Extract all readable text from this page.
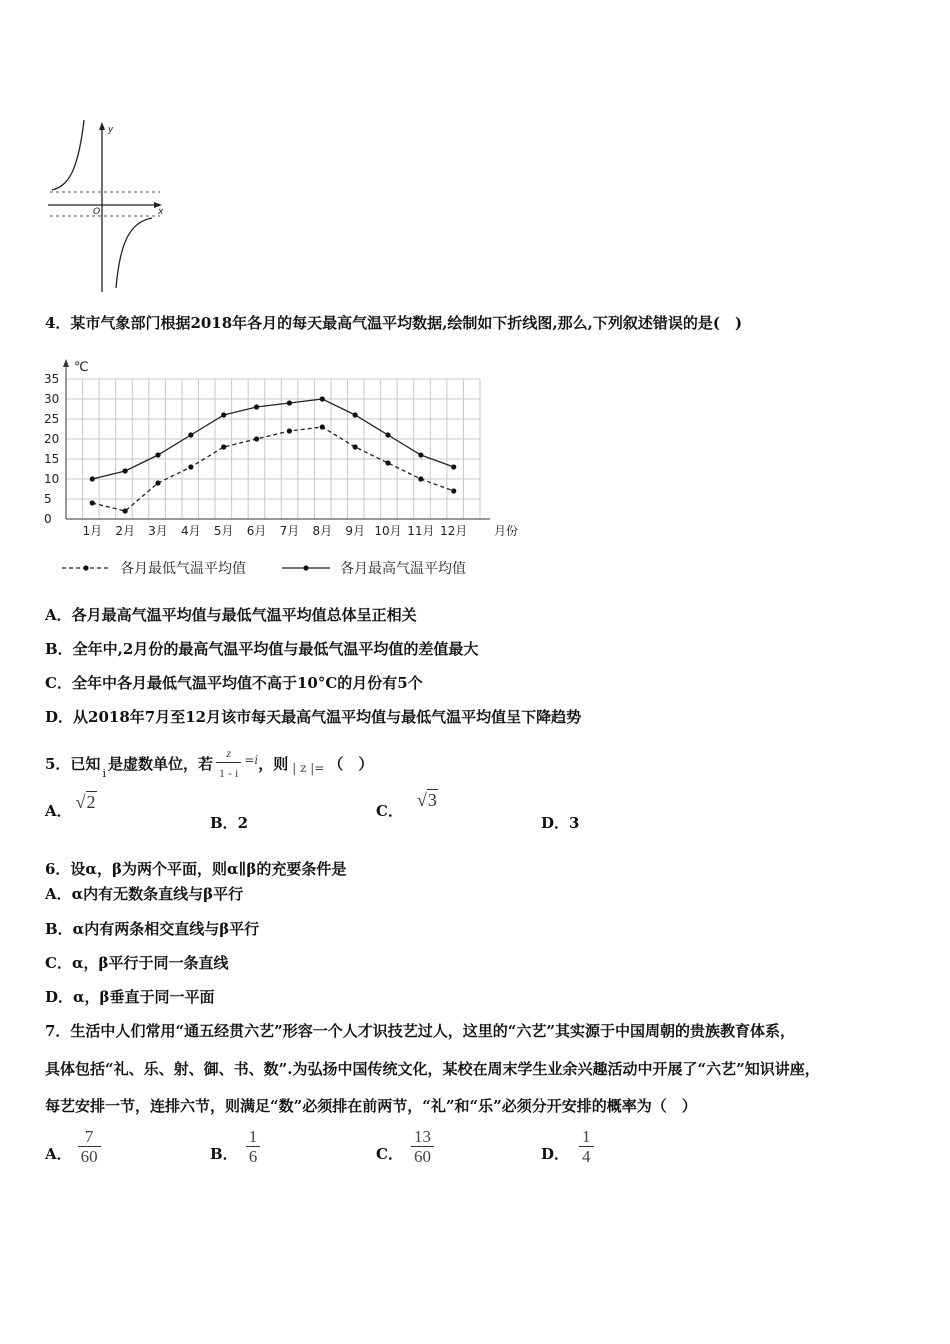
y
x
O
4．某市气象部门根据2018年各月的每天最高气温平均数据,绘制如下折线图,那么,下列叙述错误的是(　)
℃
0
5
10
15
20
25
30
35
1月 2月 3月 4月 5月 6月 7月 8月 9月 10月 11月 12月 月份
各月最低气温平均值	各月最高气温平均值
A．各月最高气温平均值与最低气温平均值总体呈正相关
B．全年中,2月份的最高气温平均值与最低气温平均值的差值最大
C．全年中各月最低气温平均值不高于10°C的月份有5个
D．从2018年7月至12月该市每天最高气温平均值与最低气温平均值呈下降趋势
5．已知
i
是虚数单位，若 $\frac{z}{1 - i} =i$ ，则 | z |= （　）
A． √2
B．2
C．
√3
D．3
6．设α，β为两个平面，则α∥β的充要条件是
A．α内有无数条直线与β平行
B．α内有两条相交直线与β平行
C．α，β平行于同一条直线
D．α，β垂直于同一平面
7．生活中人们常用“通五经贯六艺”形容一个人才识技艺过人，这里的“六艺”其实源于中国周朝的贵族教育体系，
具体包括“礼、乐、射、御、书、数”.为弘扬中国传统文化，某校在周末学生业余兴趣活动中开展了“六艺”知识讲座，
每艺安排一节，连排六节，则满足“数”必须排在前两节，“礼”和“乐”必须分开安排的概率为（　）
A． $\frac{7}{60}$	B． $\frac{1}{6}$	C． $\frac{13}{60}$	D． $\frac{1}{4}$
